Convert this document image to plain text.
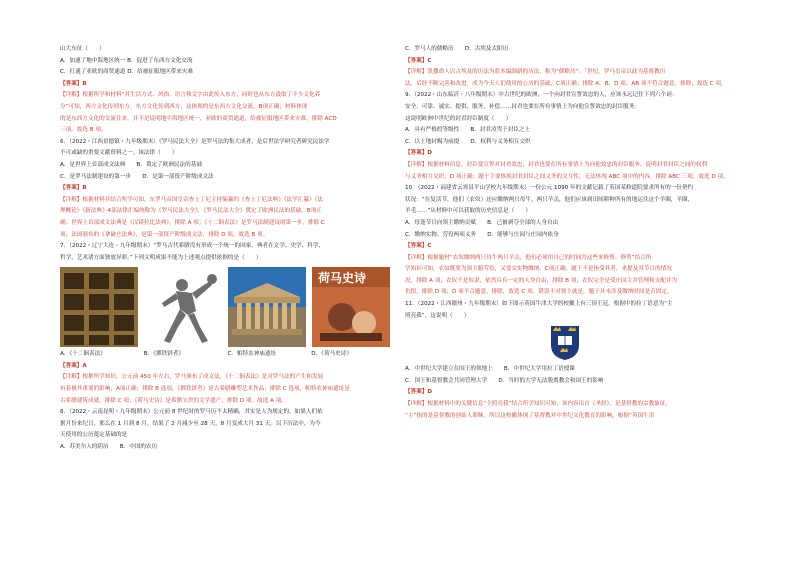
山大东征（　　）
A．加速了地中海地区统一 B．促进了东西方文化交流
C．打通了亚欧的商贸通道 D．给被征服地区带来灾难
【答案】B
【详解】根据所学和材料“其生活方式、风俗、语言和文字由此传入东方，同时也从东方汲取了不少文化养
分”可知，西方文化传到东方，东方文化传到西方，这体现的是东西方文化交流，B项正确；材料体现
的是东西方文化的交流往来，并不是说明地中海地区统一，亚欧的商贸通道，给被征服地区带来灾难，排除 ACD
三项。故选 B 项。
6．（2022・江西景德镇・九年级期末）《罗马民法大全》是罗马法的集大成者，是后世法学研究者研究民法学
不可或缺的重要文献资料之一。该法律（　　）
A．是世界上首部成文法典　　B．奠定了欧洲民法的基础
C．是罗马法制建设的第一步　　D．是第一部资产阶级成文法
【答案】B
【详解】根据材料并结合所学可知，东罗马帝国皇帝查士丁尼主持编纂的《查士丁尼法典》《法学汇纂》《法
理概论》《新法典》4部法律汇编统称为《罗马民法大全》，《罗马民法大全》奠定了欧洲民法的基础，B项正
确；世界上首部成文法典是《汉谟拉比法典》，排除 A 项；《十二铜表法》是罗马法制建设的第一步，排除 C
项；法国颁布的《拿破仑法典》，是第一部资产阶级成文法，排除 D 项。故选 B 项。
7．（2022・辽宁大连・九年级期末）“罗马古代希腊没有形成一个统一的国家。典者在文学、史学、科学、
哲学、艺术诸方面独放异彩。”下列文明成果不能为上述观点提供依据的是（　　）
荷马史诗
A．《十二铜表法》	B．《掷铁饼者》	C．帕特农神庙遗址	D．《荷马史诗》
【答案】A
【详解】根据所学知识，公元前 450 年左右，罗马颁布了成文法，《十二铜表法》是对罗马法的产生和发展
有着极其重要的影响，A项正确；排除 B 选项，《掷铁饼者》是古希腊雕塑艺术作品；排除 C 选项，帕特农神庙遗址是
古希腊建筑成就，排除 C 项；《荷马史诗》是希腊宝贵的文学遗产，排除 D 项。故选 A 项。
8．（2022・云南昆明・九年级期末）公元前 8 世纪时的罗马历不太精确，其实是人为规定的。如果人们依
据月份来纪日，那么在 1 月到 8 月，结果了 2 月减少至 28 天，8 月变成大月 31 天。以下历法中，为今
天使用的公历奠定基础的是
A．苏美尔人的阴历　　B．中国的农历
C．罗马人的儒略历　　D．古埃及太阳历
【答案】C
【详解】凯撒命人以古埃及的历法为蓝本编制新的历法，称为“儒略历”。「世纪，罗马皇帝以此为基督教历
法，后经不断完善和改进，成为今天人们使用的公历的基础，C项正确；排除 A、B、D 项；AB 项不符合题意，排除；故选 C 项。
9．（2022・山东临沂・八年级期末）中古世纪的欧洲，一个向封君宣誓效忠的人，应该永远记住下列六个词：
安全、可靠、诚实、提供、服务、补偿……封君也要在所有事情上为向他宣誓效忠的封臣服务。
这说明欧洲中世纪的封君封臣制度（　　）
A．具有严格的等级性　　B．封君凌驾于封臣之上
C．以土地封赐为前提　　D．权利与义务相互交织
【答案】D
【详解】根据材料信息，封臣要宣誓对封君效忠，封君也要在所有事情上为向他效忠的封臣服务，说明封君封臣之间的权利
与义务相互交织，D 项正确；题干主要体现封君封臣之间义务的交互性，无法体现 ABC 项中的内容，排除 ABC 三项。故选 D 项。
10．（2022・福建省云霄县平山学校九年级期末）一份公元 1090 年的文献记载了英国某修道院要求所有的一份契约
状况：“在复活节，他们（农奴）还应缴纳两只母牛，两只羊羔，他们应该到田间耕种所有的地运往这个羊圈，羊圈，
羊毛……”从材料中可以获取的历史信息是（　　）
A．每逢节日向领主缴纳贡赋　　B．已被剥夺全部的人身自由
C．缴纳实物、劳役两项义务　　D．能够与庄园与庄园内依身
【答案】C
【详解】根据题材“农奴缴纳两只母牛两只羊羔，他们必须用自己的时间为这些来修剪、修剪”结合所
学知识可知，农奴既要为领主服劳役，又要交实物缴纳，C项正确；题干不是指受其者，来提及其节日的情况
况，排除 A 项；农奴不是奴隶，依然具有一定的人身自由，排除 B 项；农奴完全是受庄园主并管理和支配并为
仇恨，排除 D 项；D 项不合题意，排除，故选 C 项。错误不对领主就是，题干并未涉及缴纳时间是否固定。
11．（2022・江西赣州・九年级期末）如下图示英国牛津大学的校徽上有三顶王冠，根据中的拉丁语意为“主
照亮我”，这说明（　　）
A．中世纪大学建立在国王的领地上　　B．中世纪大学用拉丁语授课
C．国王和基督教会共同管理大学　　D．当时的大学无法脱离教会和国王的影响
【答案】D
【详解】根据材料中的关键信息“主照亮我”结合所学知识可知，该内容出自《圣经》，是基督教的宗教象征，
“主”指的是基督教的创始人耶稣。所以这校徽体现了基督教对中世纪文化教育的影响，根据“英国牛津
